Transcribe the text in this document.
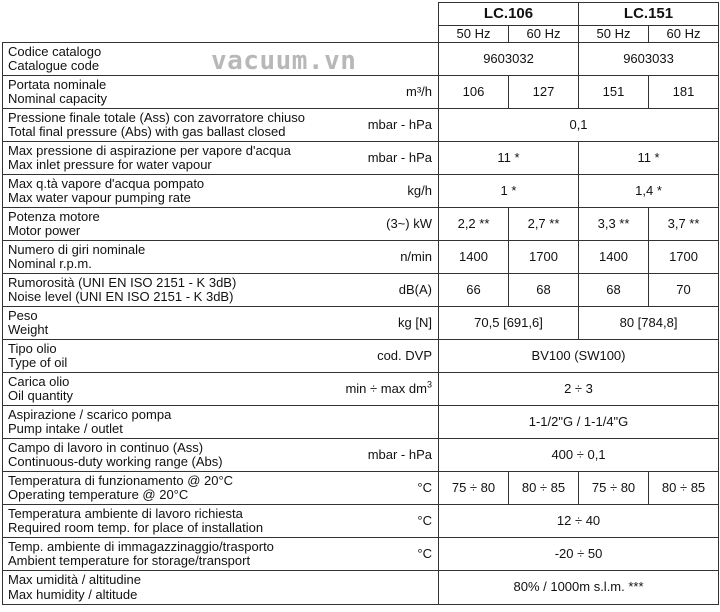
		LC.106		LC.151	
		50 Hz	60 Hz	50 Hz	60 Hz

Codice catalogo
Catalogue code		9603032		9603033	

Portata nominale
Nominal capacity	m³/h	106	127	151	181

Pressione finale totale (Ass) con zavorratore chiuso
Total final pressure (Abs) with gas ballast closed	mbar - hPa	0,1			

Max pressione di aspirazione per vapore d'acqua
Max inlet pressure for water vapour	mbar - hPa	11 *		11 *	

Max q.tà vapore d'acqua pompato
Max water vapour pumping rate	kg/h	1 *		1,4 *	

Potenza motore
Motor power	(3~) kW	2,2 **	2,7 **	3,3 **	3,7 **

Numero di giri nominale
Nominal r.p.m.	n/min	1400	1700	1400	1700

Rumorosità (UNI EN ISO 2151 - K 3dB)
Noise level (UNI EN ISO 2151 - K 3dB)	dB(A)	66	68	68	70

Peso
Weight	kg [N]	70,5 [691,6]		80 [784,8]	

Tipo olio
Type of oil	cod. DVP	BV100 (SW100)			

Carica olio
Oil quantity	$\min \div \max dm^3$	2 ÷ 3			

Aspirazione / scarico pompa
Pump intake / outlet		1-1/2"G / 1-1/4"G			

Campo di lavoro in continuo (Ass)
Continuous-duty working range (Abs)	mbar - hPa	400 ÷ 0,1			

Temperatura di funzionamento @ 20°C
Operating temperature @ 20°C	°C	75 ÷ 80	80 ÷ 85	75 ÷ 80	80 ÷ 85

Temperatura ambiente di lavoro richiesta
Required room temp. for place of installation	°C	12 ÷ 40			

Temp. ambiente di immagazzinaggio/trasporto
Ambient temperature for storage/transport	°C	-20 ÷ 50			

Max umidità / altitudine
Max humidity / altitude		80% / 1000m s.l.m. ***			
vacuum.vn
